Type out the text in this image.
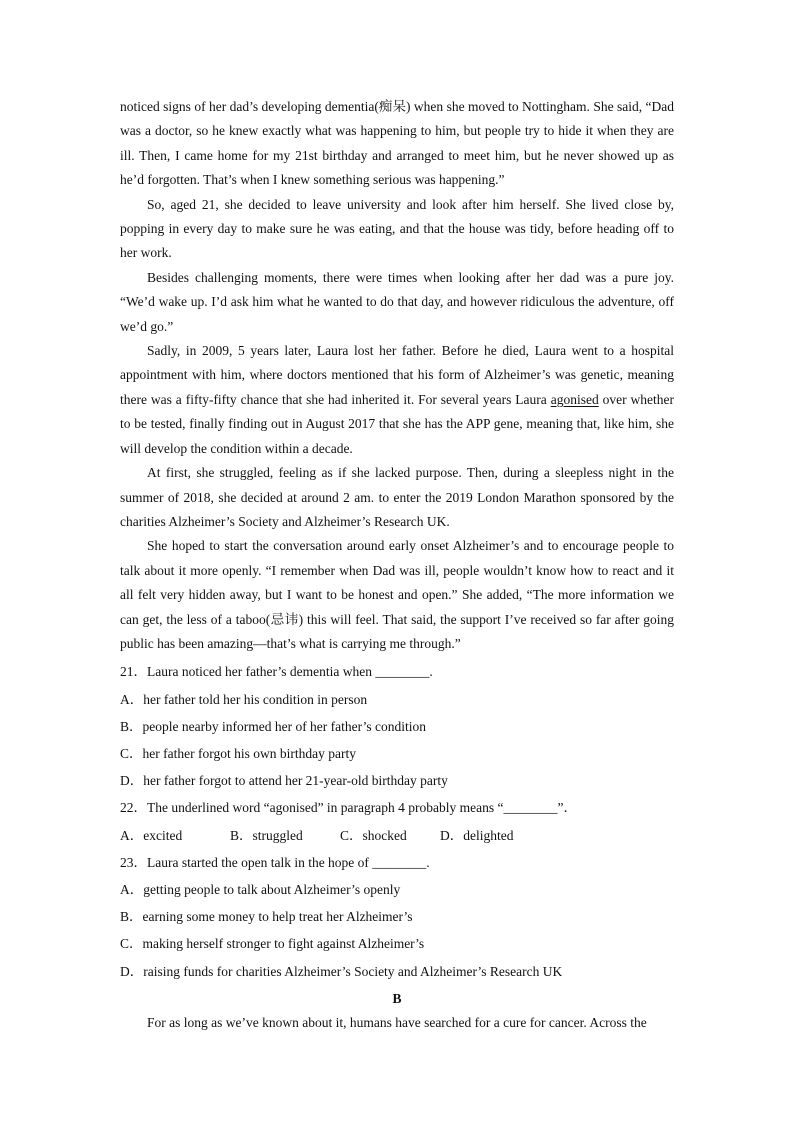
noticed signs of her dad’s developing dementia(痴呆) when she moved to Nottingham. She said, “Dad was a doctor, so he knew exactly what was happening to him, but people try to hide it when they are ill. Then, I came home for my 21st birthday and arranged to meet him, but he never showed up as he’d forgotten. That’s when I knew something serious was happening.”

So, aged 21, she decided to leave university and look after him herself. She lived close by, popping in every day to make sure he was eating, and that the house was tidy, before heading off to her work.

Besides challenging moments, there were times when looking after her dad was a pure joy. “We’d wake up. I’d ask him what he wanted to do that day, and however ridiculous the adventure, off we’d go.”

Sadly, in 2009, 5 years later, Laura lost her father. Before he died, Laura went to a hospital appointment with him, where doctors mentioned that his form of Alzheimer’s was genetic, meaning there was a fifty-fifty chance that she had inherited it. For several years Laura agonised over whether to be tested, finally finding out in August 2017 that she has the APP gene, meaning that, like him, she will develop the condition within a decade.

At first, she struggled, feeling as if she lacked purpose. Then, during a sleepless night in the summer of 2018, she decided at around 2 am. to enter the 2019 London Marathon sponsored by the charities Alzheimer’s Society and Alzheimer’s Research UK.

She hoped to start the conversation around early onset Alzheimer’s and to encourage people to talk about it more openly. “I remember when Dad was ill, people wouldn’t know how to react and it all felt very hidden away, but I want to be honest and open.” She added, “The more information we can get, the less of a taboo(忌讳) this will feel. That said, the support I’ve received so far after going public has been amazing—that’s what is carrying me through.”

21．Laura noticed her father’s dementia when ________.

A．her father told her his condition in person

B．people nearby informed her of her father’s condition

C．her father forgot his own birthday party

D．her father forgot to attend her 21-year-old birthday party

22．The underlined word “agonised” in paragraph 4 probably means “________”．

A．excited	B．struggled	C．shocked	D．delighted

23．Laura started the open talk in the hope of ________.

A．getting people to talk about Alzheimer’s openly

B．earning some money to help treat her Alzheimer’s

C．making herself stronger to fight against Alzheimer’s

D．raising funds for charities Alzheimer’s Society and Alzheimer’s Research UK

B

For as long as we’ve known about it, humans have searched for a cure for cancer. Across the
